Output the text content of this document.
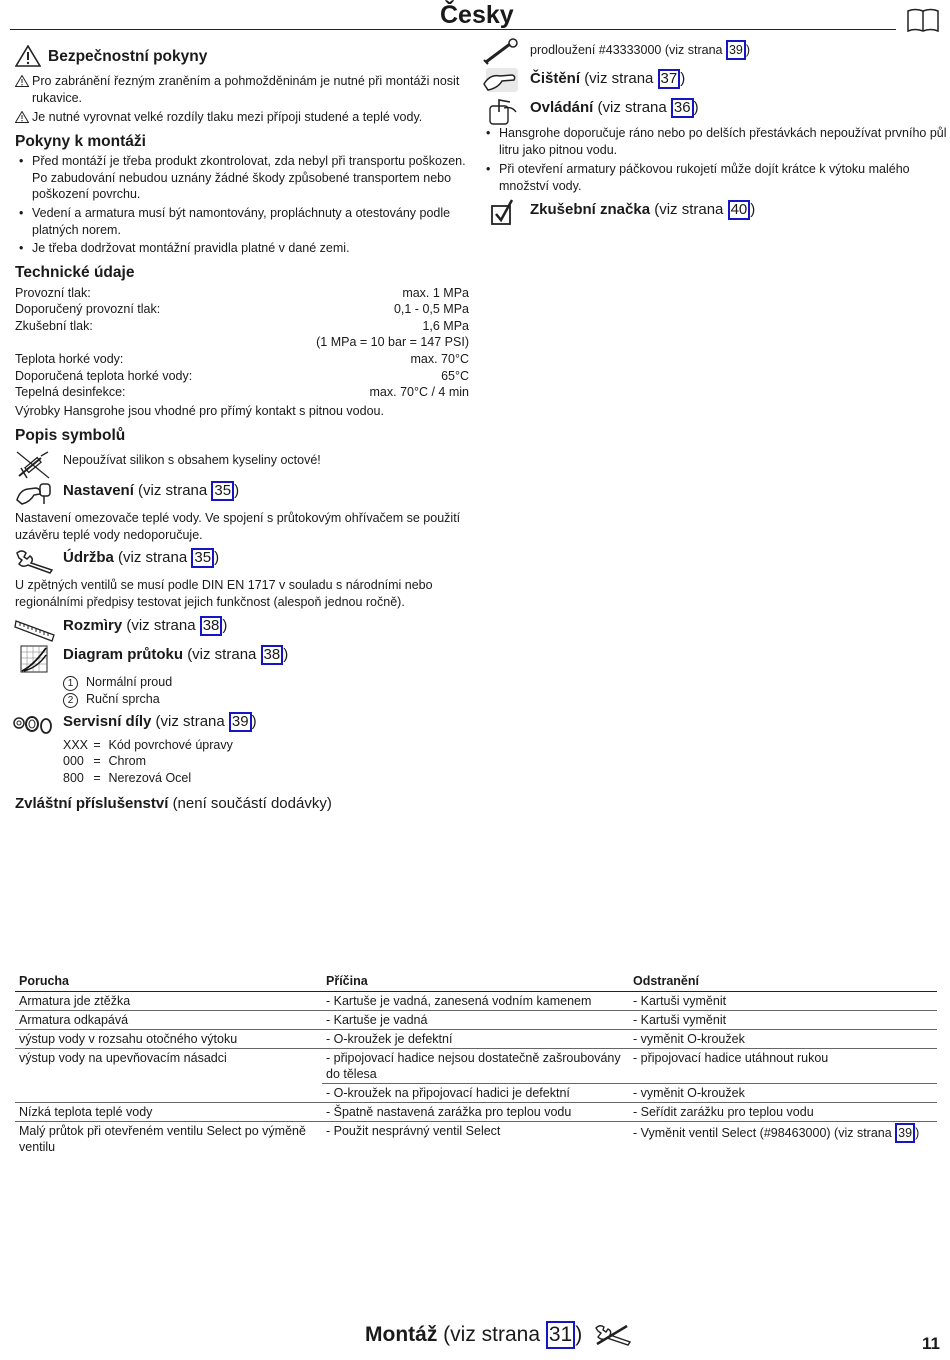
Česky
Bezpečnostní pokyny
Pro zabránění řezným zraněním a pohmožděninám je nutné při montáži nosit rukavice.
Je nutné vyrovnat velké rozdíly tlaku mezi přípoji studené a teplé vody.
Pokyny k montáži
• Před montáží je třeba produkt zkontrolovat, zda nebyl při transportu poškozen. Po zabudování nebudou uznány žádné škody způsobené transportem nebo poškození povrchu.
• Vedení a armatura musí být namontovány, propláchnuty a otestovány podle platných norem.
• Je třeba dodržovat montážní pravidla platné v dané zemi.
Technické údaje
Provozní tlak:	max. 1 MPa
Doporučený provozní tlak:	0,1 - 0,5 MPa
Zkušební tlak:	1,6 MPa
(1 MPa = 10 bar = 147 PSI)
Teplota horké vody:	max. 70°C
Doporučená teplota horké vody:	65°C
Tepelná desinfekce:	max. 70°C / 4 min
Výrobky Hansgrohe jsou vhodné pro přímý kontakt s pitnou vodou.
Popis symbolů
Nepoužívat silikon s obsahem kyseliny octové!
Nastavení (viz strana 35 )
Nastavení omezovače teplé vody. Ve spojení s průtokovým ohřívačem se použití uzávěru teplé vody nedoporučuje.
Údržba (viz strana 35 )
U zpětných ventilů se musí podle DIN EN 1717 v souladu s národními nebo regionálními předpisy testovat jejich funkčnost (alespoň jednou ročně).
Rozmìry (viz strana 38 )
Diagram průtoku (viz strana 38 )
1 Normální proud
2 Ruční sprcha
Servisní díly (viz strana 39 )
XXX = Kód povrchové úpravy
000 = Chrom
800 = Nerezová Ocel
Zvláštní příslušenství (není součástí dodávky)
prodloužení #43333000 (viz strana 39 )
Čištění (viz strana 37 )
Ovládání (viz strana 36 )
• Hansgrohe doporučuje ráno nebo po delších přestávkách nepoužívat prvního půl litru jako pitnou vodu.
• Při otevření armatury páčkovou rukojetí může dojít krátce k výtoku malého množství vody.
Zkušební značka (viz strana 40 )
Porucha	Příčina	Odstranění
Armatura jde ztěžka	- Kartuše je vadná, zanesená vodním kamenem	- Kartuši vyměnit
Armatura odkapává	- Kartuše je vadná	- Kartuši vyměnit
výstup vody v rozsahu otočného výtoku	- O-kroužek je defektní	- vyměnit O-kroužek
výstup vody na upevňovacím násadci	- připojovací hadice nejsou dostatečně zašroubovány do tělesa	- připojovací hadice utáhnout rukou
	- O-kroužek na připojovací hadici je defektní	- vyměnit O-kroužek
Nízká teplota teplé vody	- Špatně nastavená zarážka pro teplou vodu	- Seřídit zarážku pro teplou vodu
Malý průtok při otevřeném ventilu Select po výměně ventilu	- Použit nesprávný ventil Select	- Vyměnit ventil Select (#98463000) (viz strana 39 )
Montáž (viz strana 31 )	11
